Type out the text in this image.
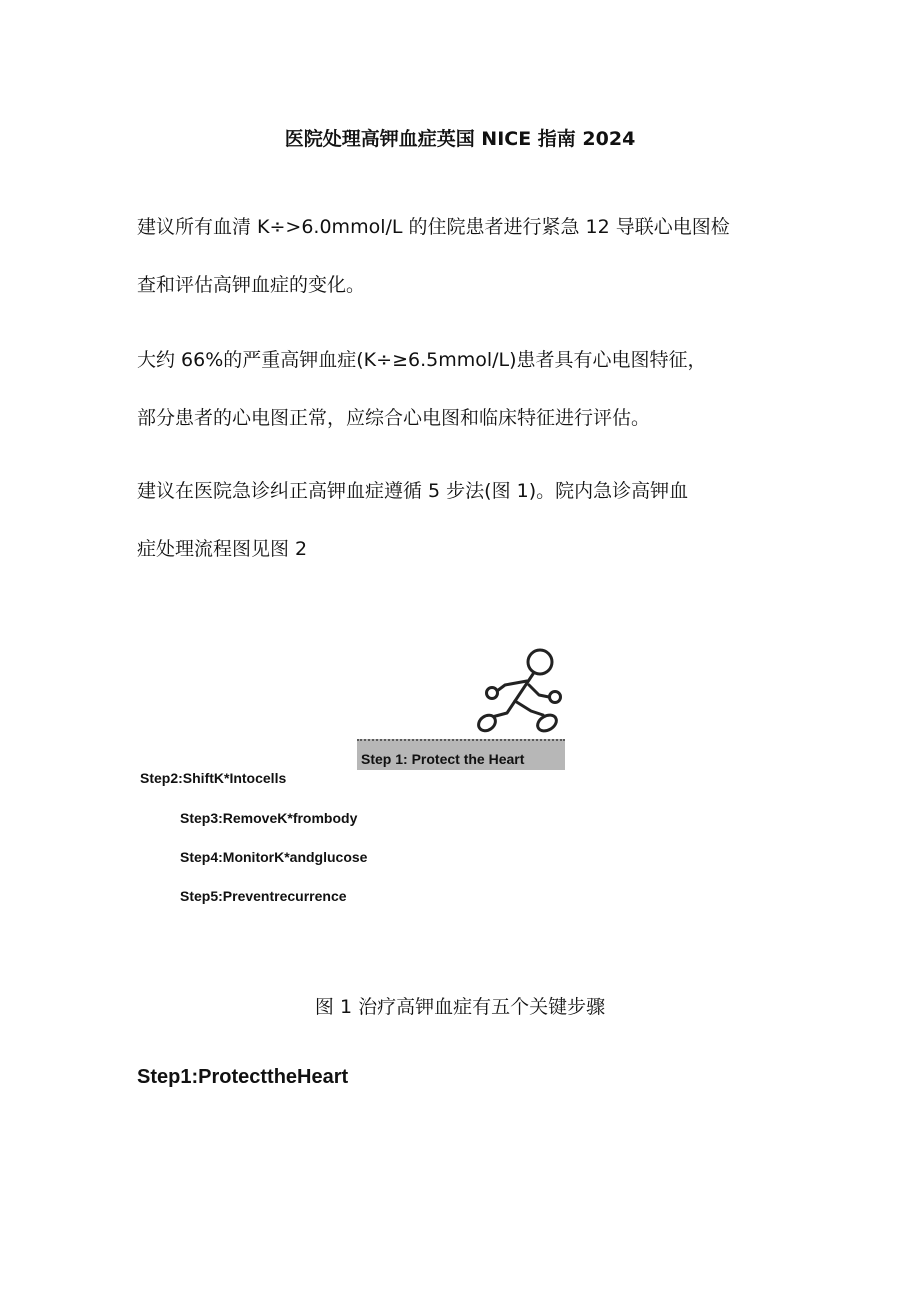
医院处理高钾血症英国 NICE 指南 2024

建议所有血清 K÷>6.0mmol/L 的住院患者进行紧急 12 导联心电图检
查和评估高钾血症的变化。

大约 66%的严重高钾血症(K÷≥6.5mmol/L)患者具有心电图特征，
部分患者的心电图正常，应综合心电图和临床特征进行评估。

建议在医院急诊纠正高钾血症遵循 5 步法(图 1)。院内急诊高钾血
症处理流程图见图 2

Step 1: Protect the Heart
Step2:ShiftK*Intocells
Step3:RemoveK*frombody
Step4:MonitorK*andglucose
Step5:Preventrecurrence
图 1 治疗高钾血症有五个关键步骤
Step1:ProtecttheHeart
